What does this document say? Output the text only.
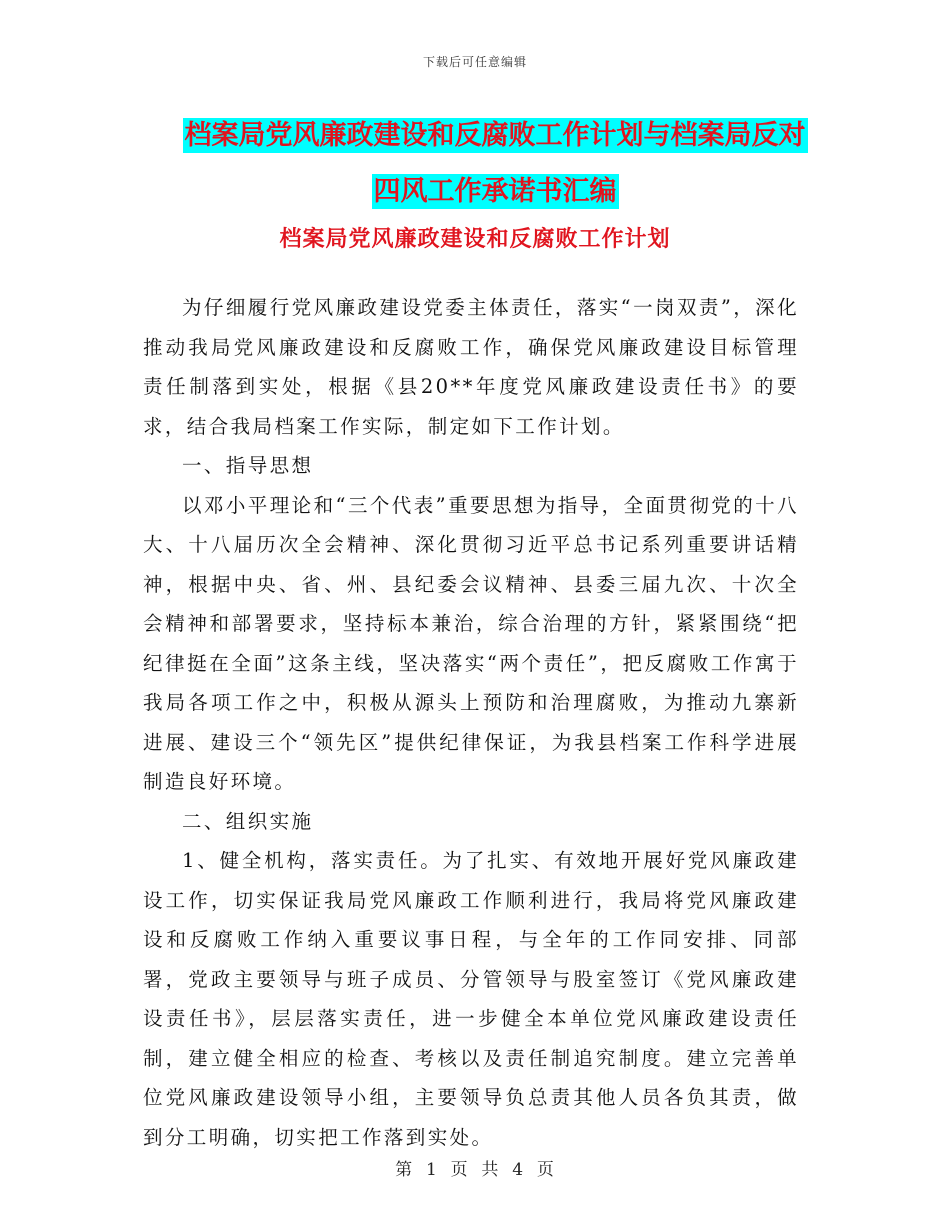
下载后可任意编辑
档案局党风廉政建设和反腐败工作计划与档案局反对
四风工作承诺书汇编
档案局党风廉政建设和反腐败工作计划

为仔细履行党风廉政建设党委主体责任，落实“一岗双责”，深化推动我局党风廉政建设和反腐败工作，确保党风廉政建设目标管理责任制落到实处，根据《县20**年度党风廉政建设责任书》的要求，结合我局档案工作实际，制定如下工作计划。

一、指导思想

以邓小平理论和“三个代表”重要思想为指导，全面贯彻党的十八大、十八届历次全会精神、深化贯彻习近平总书记系列重要讲话精神，根据中央、省、州、县纪委会议精神、县委三届九次、十次全会精神和部署要求，坚持标本兼治，综合治理的方针，紧紧围绕“把纪律挺在全面”这条主线，坚决落实“两个责任”，把反腐败工作寓于我局各项工作之中，积极从源头上预防和治理腐败，为推动九寨新进展、建设三个“领先区”提供纪律保证，为我县档案工作科学进展制造良好环境。

二、组织实施

1、健全机构，落实责任。为了扎实、有效地开展好党风廉政建设工作，切实保证我局党风廉政工作顺利进行，我局将党风廉政建设和反腐败工作纳入重要议事日程，与全年的工作同安排、同部署，党政主要领导与班子成员、分管领导与股室签订《党风廉政建设责任书》，层层落实责任，进一步健全本单位党风廉政建设责任制，建立健全相应的检查、考核以及责任制追究制度。建立完善单位党风廉政建设领导小组，主要领导负总责其他人员各负其责，做到分工明确，切实把工作落到实处。

第  1  页  共  4  页
